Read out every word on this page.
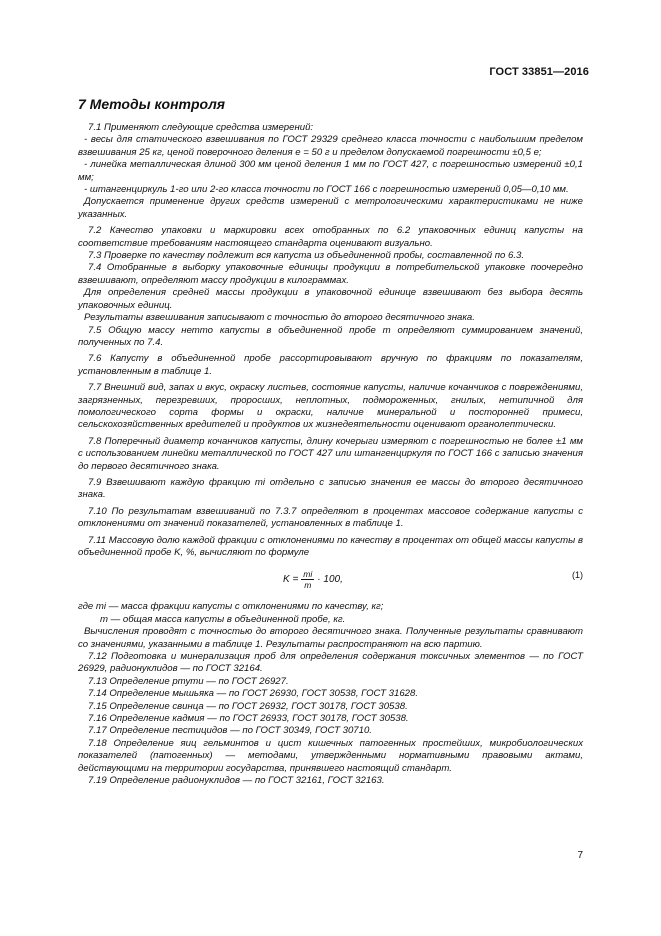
ГОСТ 33851—2016
7 Методы контроля

7.1 Применяют следующие средства измерений:

- весы для статического взвешивания по ГОСТ 29329 среднего класса точности с наибольшим пределом взвешивания 25 кг, ценой поверочного деления e = 50 г и пределом допускаемой погрешности ±0,5 e;

- линейка металлическая длиной 300 мм ценой деления 1 мм по ГОСТ 427, с погрешностью измерений ±0,1 мм;

- штангенциркуль 1-го или 2-го класса точности по ГОСТ 166 с погрешностью измерений 0,05—0,10 мм.

Допускается применение других средств измерений с метрологическими характеристиками не ниже указанных.

7.2 Качество упаковки и маркировки всех отобранных по 6.2 упаковочных единиц капусты на соответствие требованиям настоящего стандарта оценивают визуально.

7.3 Проверке по качеству подлежит вся капуста из объединенной пробы, составленной по 6.3.

7.4 Отобранные в выборку упаковочные единицы продукции в потребительской упаковке поочередно взвешивают, определяют массу продукции в килограммах.

Для определения средней массы продукции в упаковочной единице взвешивают без выбора десять упаковочных единиц.

Результаты взвешивания записывают с точностью до второго десятичного знака.

7.5 Общую массу нетто капусты в объединенной пробе m определяют суммированием значений, полученных по 7.4.

7.6 Капусту в объединенной пробе рассортировывают вручную по фракциям по показателям, установленным в таблице 1.

7.7 Внешний вид, запах и вкус, окраску листьев, состояние капусты, наличие кочанчиков с повреждениями, загрязненных, перезревших, проросших, неплотных, подмороженных, гнилых, нетипичной для помологического сорта формы и окраски, наличие минеральной и посторонней примеси, сельскохозяйственных вредителей и продуктов их жизнедеятельности оценивают органолептически.

7.8 Поперечный диаметр кочанчиков капусты, длину кочерыги измеряют с погрешностью не более ±1 мм с использованием линейки металлической по ГОСТ 427 или штангенциркуля по ГОСТ 166 с записью значения до первого десятичного знака.

7.9 Взвешивают каждую фракцию mi отдельно с записью значения ее массы до второго десятичного знака.

7.10 По результатам взвешиваний по 7.3.7 определяют в процентах массовое содержание капусты с отклонениями от значений показателей, установленных в таблице 1.

7.11 Массовую долю каждой фракции с отклонениями по качеству в процентах от общей массы капусты в объединенной пробе K, %, вычисляют по формуле

$K = \frac{mi}{m} \cdot 100$,	(1)

где mi — масса фракции капусты с отклонениями по качеству, кг;

m — общая масса капусты в объединенной пробе, кг.

Вычисления проводят с точностью до второго десятичного знака. Полученные результаты сравнивают со значениями, указанными в таблице 1. Результаты распространяют на всю партию.

7.12 Подготовка и минерализация проб для определения содержания токсичных элементов — по ГОСТ 26929, радионуклидов — по ГОСТ 32164.

7.13 Определение ртути — по ГОСТ 26927.

7.14 Определение мышьяка — по ГОСТ 26930, ГОСТ 30538, ГОСТ 31628.

7.15 Определение свинца — по ГОСТ 26932, ГОСТ 30178, ГОСТ 30538.

7.16 Определение кадмия — по ГОСТ 26933, ГОСТ 30178, ГОСТ 30538.

7.17 Определение пестицидов — по ГОСТ 30349, ГОСТ 30710.

7.18 Определение яиц гельминтов и цист кишечных патогенных простейших, микробиологических показателей (патогенных) — методами, утвержденными нормативными правовыми актами, действующими на территории государства, принявшего настоящий стандарт.

7.19 Определение радионуклидов — по ГОСТ 32161, ГОСТ 32163.

7
